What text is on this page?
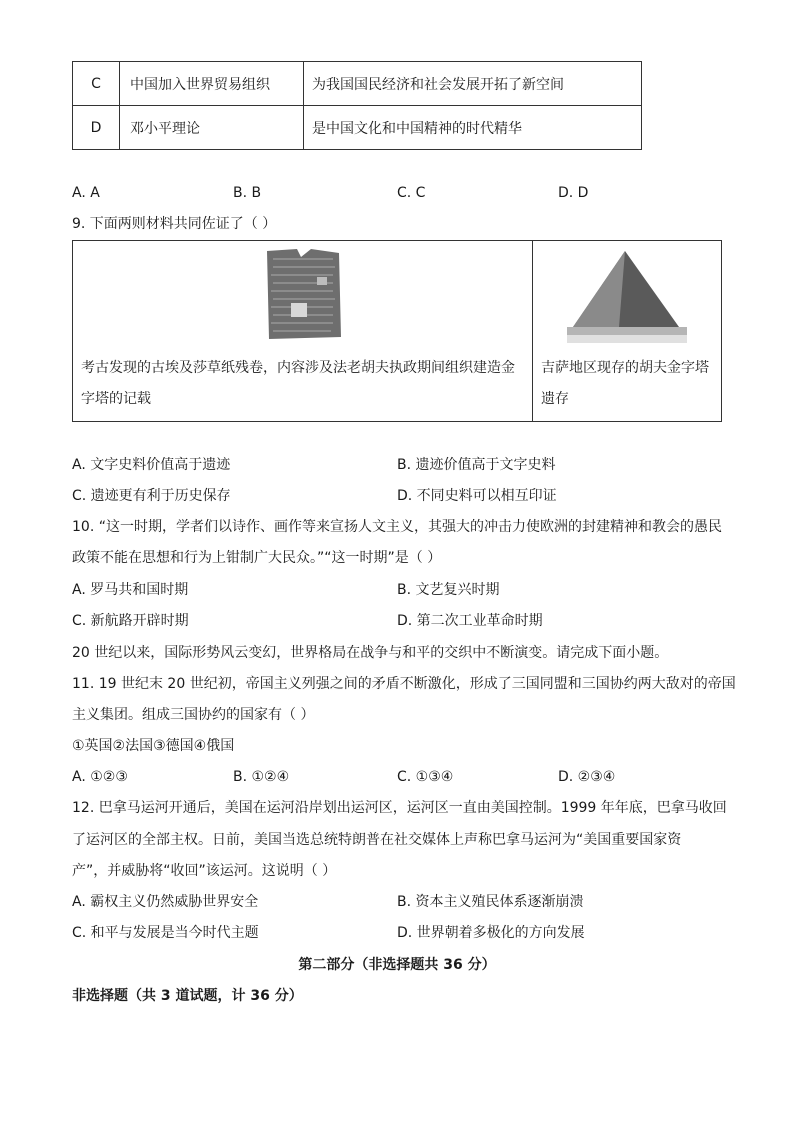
C	中国加入世界贸易组织	为我国国民经济和社会发展开拓了新空间
D	邓小平理论	是中国文化和中国精神的时代精华
A. A	B. B	C. C	D. D
9. 下面两则材料共同佐证了（ ）
考古发现的古埃及莎草纸残卷，内容涉及法老胡夫执政期间组织建造金字塔的记载

吉萨地区现存的胡夫金字塔遗存
A. 文字史料价值高于遗迹	B. 遗迹价值高于文字史料
C. 遗迹更有利于历史保存	D. 不同史料可以相互印证
10. “这一时期，学者们以诗作、画作等来宣扬人文主义，其强大的冲击力使欧洲的封建精神和教会的愚民
政策不能在思想和行为上钳制广大民众。”“这一时期”是（ ）
A. 罗马共和国时期	B. 文艺复兴时期
C. 新航路开辟时期	D. 第二次工业革命时期
20 世纪以来，国际形势风云变幻，世界格局在战争与和平的交织中不断演变。请完成下面小题。
11. 19 世纪末 20 世纪初，帝国主义列强之间的矛盾不断激化，形成了三国同盟和三国协约两大敌对的帝国
主义集团。组成三国协约的国家有（ ）
①英国②法国③德国④俄国
A. ①②③	B. ①②④	C. ①③④	D. ②③④
12. 巴拿马运河开通后，美国在运河沿岸划出运河区，运河区一直由美国控制。1999 年年底，巴拿马收回
了运河区的全部主权。日前，美国当选总统特朗普在社交媒体上声称巴拿马运河为“美国重要国家资
产”，并威胁将“收回”该运河。这说明（ ）
A. 霸权主义仍然威胁世界安全	B. 资本主义殖民体系逐渐崩溃
C. 和平与发展是当今时代主题	D. 世界朝着多极化的方向发展
第二部分（非选择题共 36 分）
非选择题（共 3 道试题，计 36 分）
